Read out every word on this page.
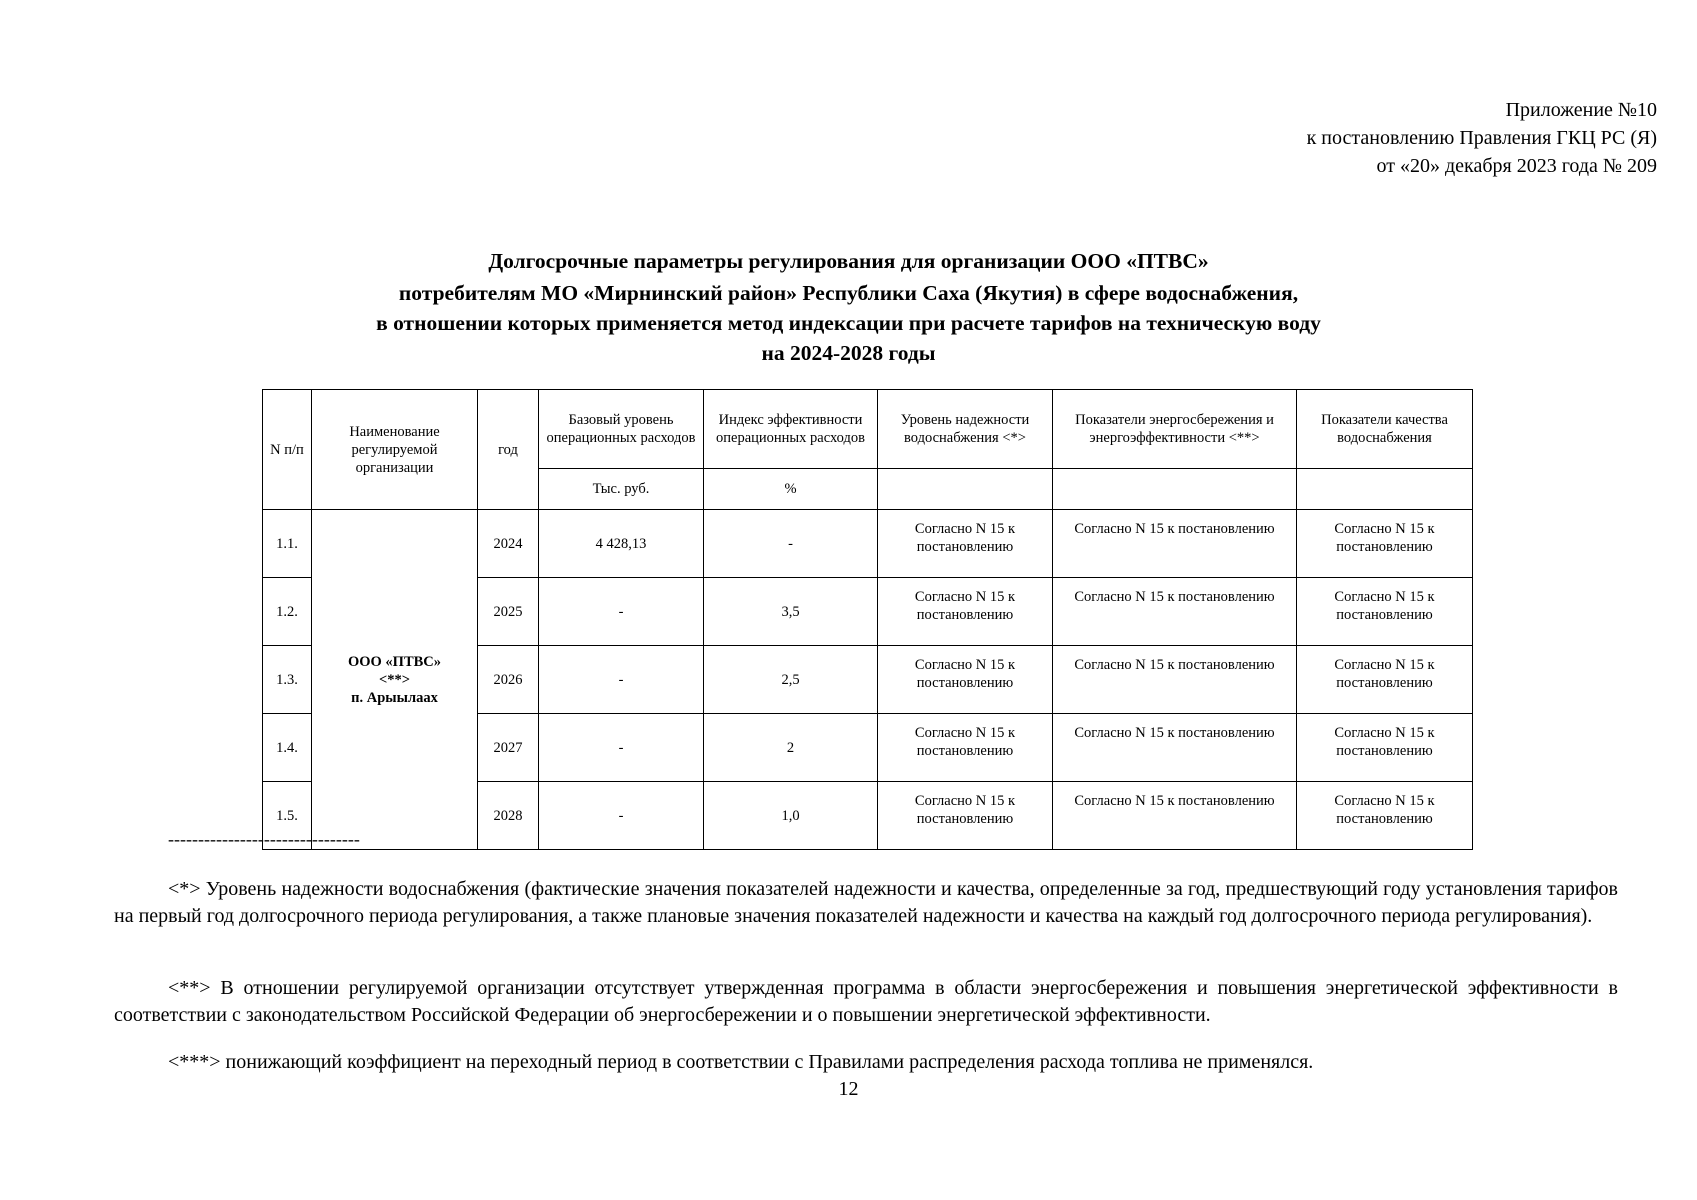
Приложение №10
к постановлению Правления ГКЦ РС (Я)
от «20» декабря 2023 года № 209
Долгосрочные параметры регулирования для организации ООО «ПТВС»
потребителям МО «Мирнинский район» Республики Саха (Якутия) в сфере водоснабжения,
в отношении которых применяется метод индексации при расчете тарифов на техническую воду
на 2024-2028 годы
N п/п	Наименование регулируемой организации	год	Базовый уровень операционных расходов	Индекс эффективности операционных расходов	Уровень надежности водоснабжения <*>	Показатели энергосбережения и энергоэффективности <**>	Показатели качества водоснабжения
			Тыс. руб.	%			
1.1.	ООО «ПТВС»
<**>
п. Арыылаах	2024	4 428,13	-	Согласно N 15 к постановлению	Согласно N 15 к постановлению	Согласно N 15 к постановлению
1.2.		2025	-	3,5	Согласно N 15 к постановлению	Согласно N 15 к постановлению	Согласно N 15 к постановлению
1.3.		2026	-	2,5	Согласно N 15 к постановлению	Согласно N 15 к постановлению	Согласно N 15 к постановлению
1.4.		2027	-	2	Согласно N 15 к постановлению	Согласно N 15 к постановлению	Согласно N 15 к постановлению
1.5.		2028	-	1,0	Согласно N 15 к постановлению	Согласно N 15 к постановлению	Согласно N 15 к постановлению
--------------------------------
<*> Уровень надежности водоснабжения (фактические значения показателей надежности и качества, определенные за год, предшествующий году установления тарифов на первый год долгосрочного периода регулирования, а также плановые значения показателей надежности и качества на каждый год долгосрочного периода регулирования).
<**> В отношении регулируемой организации отсутствует утвержденная программа в области энергосбережения и повышения энергетической эффективности в соответствии с законодательством Российской Федерации об энергосбережении и о повышении энергетической эффективности.
<***> понижающий коэффициент на переходный период в соответствии с Правилами распределения расхода топлива не применялся.
12
